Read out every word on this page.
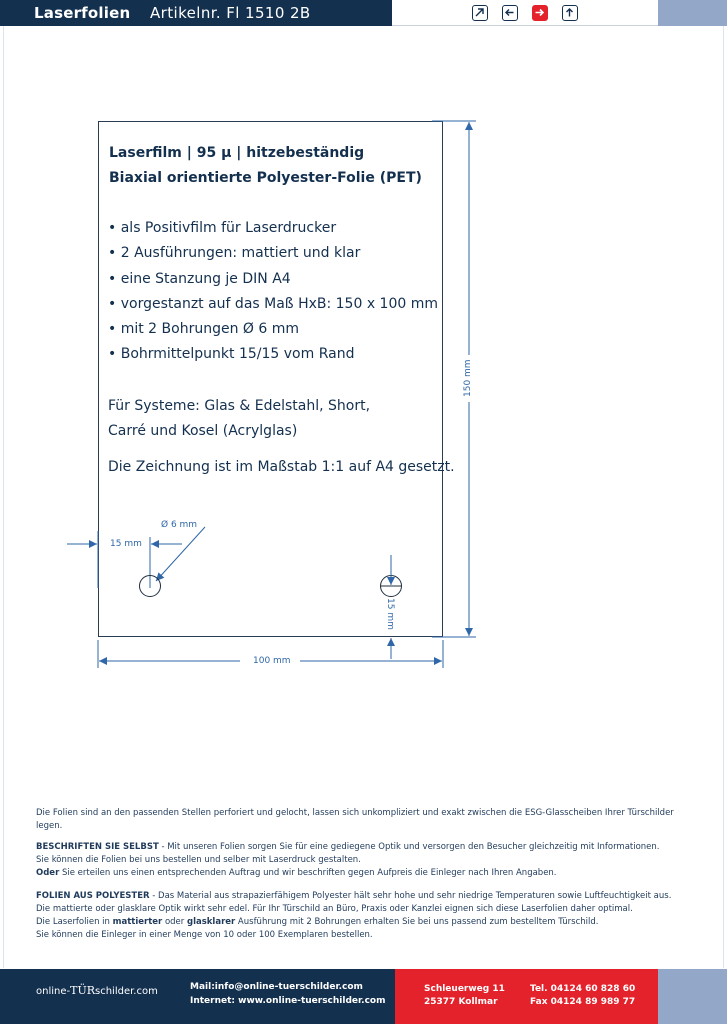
Laserfolien Artikelnr. Fl 1510 2B
Laserfilm | 95 µ | hitzebeständig
Biaxial orientierte Polyester-Folie (PET)
• als Positivfilm für Laserdrucker
• 2 Ausführungen: mattiert und klar
• eine Stanzung je DIN A4
• vorgestanzt auf das Maß HxB: 150 x 100 mm
• mit 2 Bohrungen Ø 6 mm
• Bohrmittelpunkt 15/15 vom Rand
Für Systeme: Glas & Edelstahl, Short,
Carré und Kosel (Acrylglas)
Die Zeichnung ist im Maßstab 1:1 auf A4 gesetzt.
Ø 6 mm
15 mm
15 mm
150 mm
100 mm
Die Folien sind an den passenden Stellen perforiert und gelocht, lassen sich unkompliziert und exakt zwischen die ESG-Glasscheiben Ihrer Türschilder legen.
BESCHRIFTEN SIE SELBST - Mit unseren Folien sorgen Sie für eine gediegene Optik und versorgen den Besucher gleichzeitig mit Informationen.
Sie können die Folien bei uns bestellen und selber mit Laserdruck gestalten.
Oder Sie erteilen uns einen entsprechenden Auftrag und wir beschriften gegen Aufpreis die Einleger nach Ihren Angaben.
FOLIEN AUS POLYESTER - Das Material aus strapazierfähigem Polyester hält sehr hohe und sehr niedrige Temperaturen sowie Luftfeuchtigkeit aus.
Die mattierte oder glasklare Optik wirkt sehr edel. Für Ihr Türschild an Büro, Praxis oder Kanzlei eignen sich diese Laserfolien daher optimal.
Die Laserfolien in mattierter oder glasklarer Ausführung mit 2 Bohrungen erhalten Sie bei uns passend zum bestelltem Türschild.
Sie können die Einleger in einer Menge von 10 oder 100 Exemplaren bestellen.
online-TÜRschilder.com	Mail:info@online-tuerschilder.com
Internet: www.online-tuerschilder.com
Schleuerweg 11
25377 Kollmar
Tel. 04124 60 828 60
Fax 04124 89 989 77
